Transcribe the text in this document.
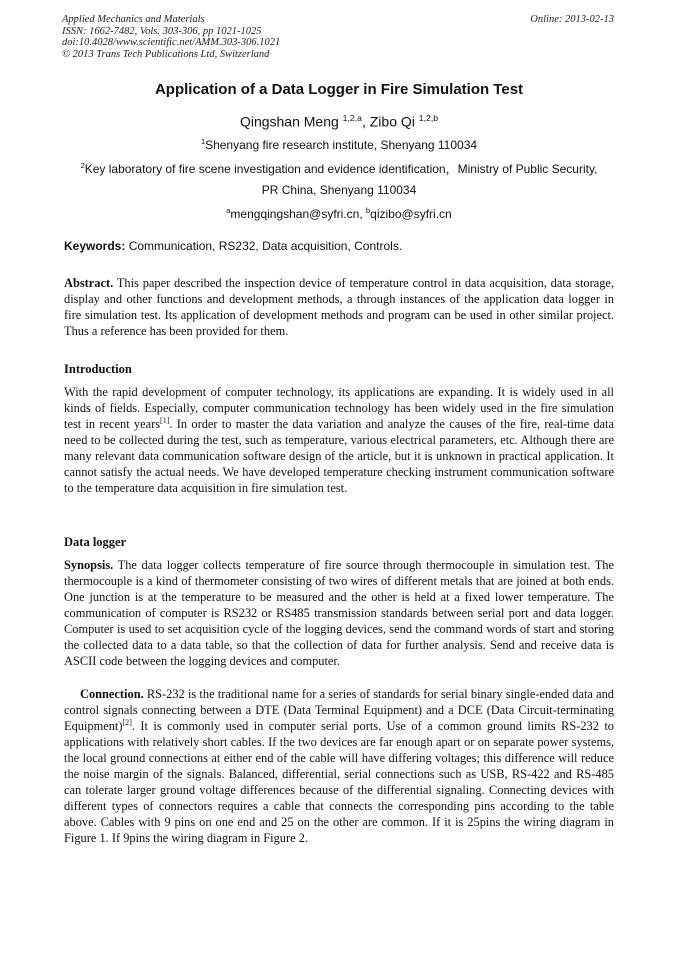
Applied Mechanics and Materials
ISSN: 1662-7482, Vols. 303-306, pp 1021-1025
doi:10.4028/www.scientific.net/AMM.303-306.1021
© 2013 Trans Tech Publications Ltd, Switzerland
Online: 2013-02-13
Application of a Data Logger in Fire Simulation Test
Qingshan Meng $^{1,2,a}$, Zibo Qi $^{1,2,b}$
$^1$Shenyang fire research institute, Shenyang 110034
$^2$Key laboratory of fire scene investigation and evidence identification，Ministry of Public Security,
PR China, Shenyang 110034
$^a$mengqingshan@syfri.cn, $^b$qizibo@syfri.cn
Keywords: Communication, RS232, Data acquisition, Controls.
Abstract. This paper described the inspection device of temperature control in data acquisition, data storage, display and other functions and development methods, a through instances of the application data logger in fire simulation test. Its application of development methods and program can be used in other similar project. Thus a reference has been provided for them.
Introduction
With the rapid development of computer technology, its applications are expanding. It is widely used in all kinds of fields. Especially, computer communication technology has been widely used in the fire simulation test in recent years[1]. In order to master the data variation and analyze the causes of the fire, real-time data need to be collected during the test, such as temperature, various electrical parameters, etc. Although there are many relevant data communication software design of the article, but it is unknown in practical application. It cannot satisfy the actual needs. We have developed temperature checking instrument communication software to the temperature data acquisition in fire simulation test.
Data logger
Synopsis. The data logger collects temperature of fire source through thermocouple in simulation test. The thermocouple is a kind of thermometer consisting of two wires of different metals that are joined at both ends. One junction is at the temperature to be measured and the other is held at a fixed lower temperature. The communication of computer is RS232 or RS485 transmission standards between serial port and data logger. Computer is used to set acquisition cycle of the logging devices, send the command words of start and storing the collected data to a data table, so that the collection of data for further analysis. Send and receive data is ASCII code between the logging devices and computer.
Connection. RS-232 is the traditional name for a series of standards for serial binary single-ended data and control signals connecting between a DTE (Data Terminal Equipment) and a DCE (Data Circuit-terminating Equipment)[2]. It is commonly used in computer serial ports. Use of a common ground limits RS-232 to applications with relatively short cables. If the two devices are far enough apart or on separate power systems, the local ground connections at either end of the cable will have differing voltages; this difference will reduce the noise margin of the signals. Balanced, differential, serial connections such as USB, RS-422 and RS-485 can tolerate larger ground voltage differences because of the differential signaling. Connecting devices with different types of connectors requires a cable that connects the corresponding pins according to the table above. Cables with 9 pins on one end and 25 on the other are common. If it is 25pins the wiring diagram in Figure 1. If 9pins the wiring diagram in Figure 2.
